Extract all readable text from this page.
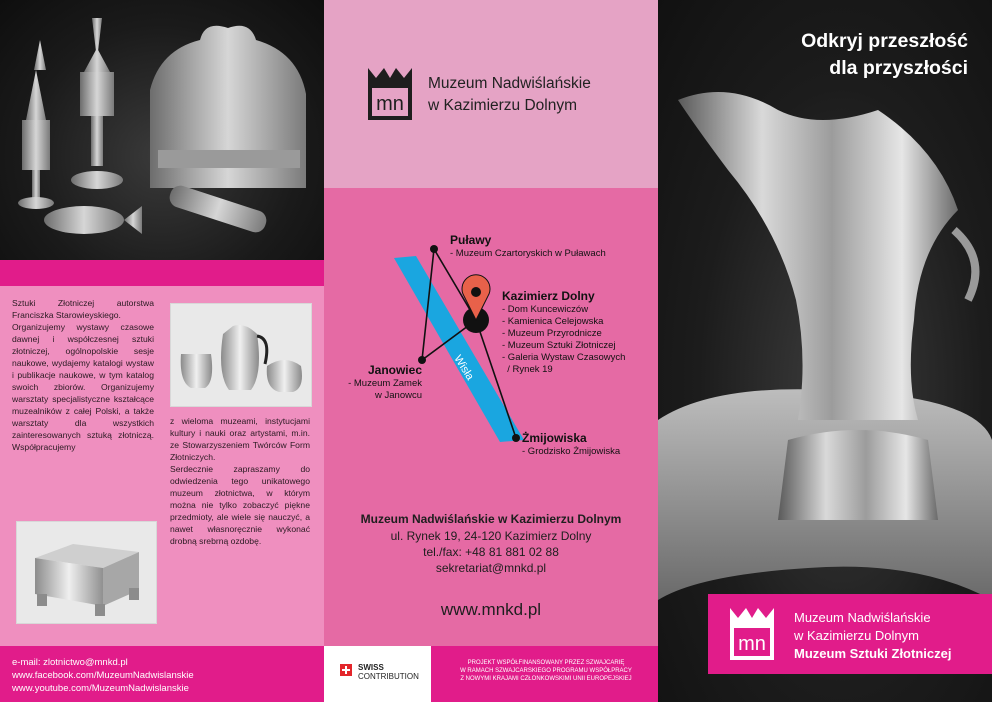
Sztuki Złotniczej autorstwa Franciszka Starowieyskiego.
Organizujemy wystawy czasowe dawnej i współczesnej sztuki złotniczej, ogólnopolskie sesje naukowe, wydajemy katalogi wystaw i publikacje naukowe, w tym katalog swoich zbiorów. Organizujemy warsztaty specjalistyczne kształcące muzealników z całej Polski, a także warsztaty dla wszystkich zainteresowanych sztuką złotniczą. Współpracujemy
z wieloma muzeami, instytucjami kultury i nauki oraz artystami, m.in. ze Stowarzyszeniem Twórców Form Złotniczych.
Serdecznie zapraszamy do odwiedzenia tego unikatowego muzeum złotnictwa, w którym można nie tylko zobaczyć piękne przedmioty, ale wiele się nauczyć, a nawet własnoręcznie wykonać drobną srebrną ozdobę.
e-mail: zlotnictwo@mnkd.pl
www.facebook.com/MuzeumNadwislanskie
www.youtube.com/MuzeumNadwislanskie
mn
Muzeum Nadwiślańskie
w Kazimierzu Dolnym
Wisła
Puławy
- Muzeum Czartoryskich w Puławach
Kazimierz Dolny
- Dom Kuncewiczów
- Kamienica Celejowska
- Muzeum Przyrodnicze
- Muzeum Sztuki Złotniczej
- Galeria Wystaw Czasowych
/ Rynek 19
Janowiec
- Muzeum Zamek
w Janowcu
Żmijowiska
- Grodzisko Żmijowiska
Muzeum Nadwiślańskie w Kazimierzu Dolnym
ul. Rynek 19, 24-120 Kazimierz Dolny
tel./fax: +48 81 881 02 88
sekretariat@mnkd.pl
www.mnkd.pl
SWISS
CONTRIBUTION
PROJEKT WSPÓŁFINANSOWANY PRZEZ SZWAJCARIĘ
W RAMACH SZWAJCARSKIEGO PROGRAMU WSPÓŁPRACY
Z NOWYMI KRAJAMI CZŁONKOWSKIMI UNII EUROPEJSKIEJ
Odkryj przeszłość
dla przyszłości
mn
Muzeum Nadwiślańskie
w Kazimierzu Dolnym
Muzeum Sztuki Złotniczej
